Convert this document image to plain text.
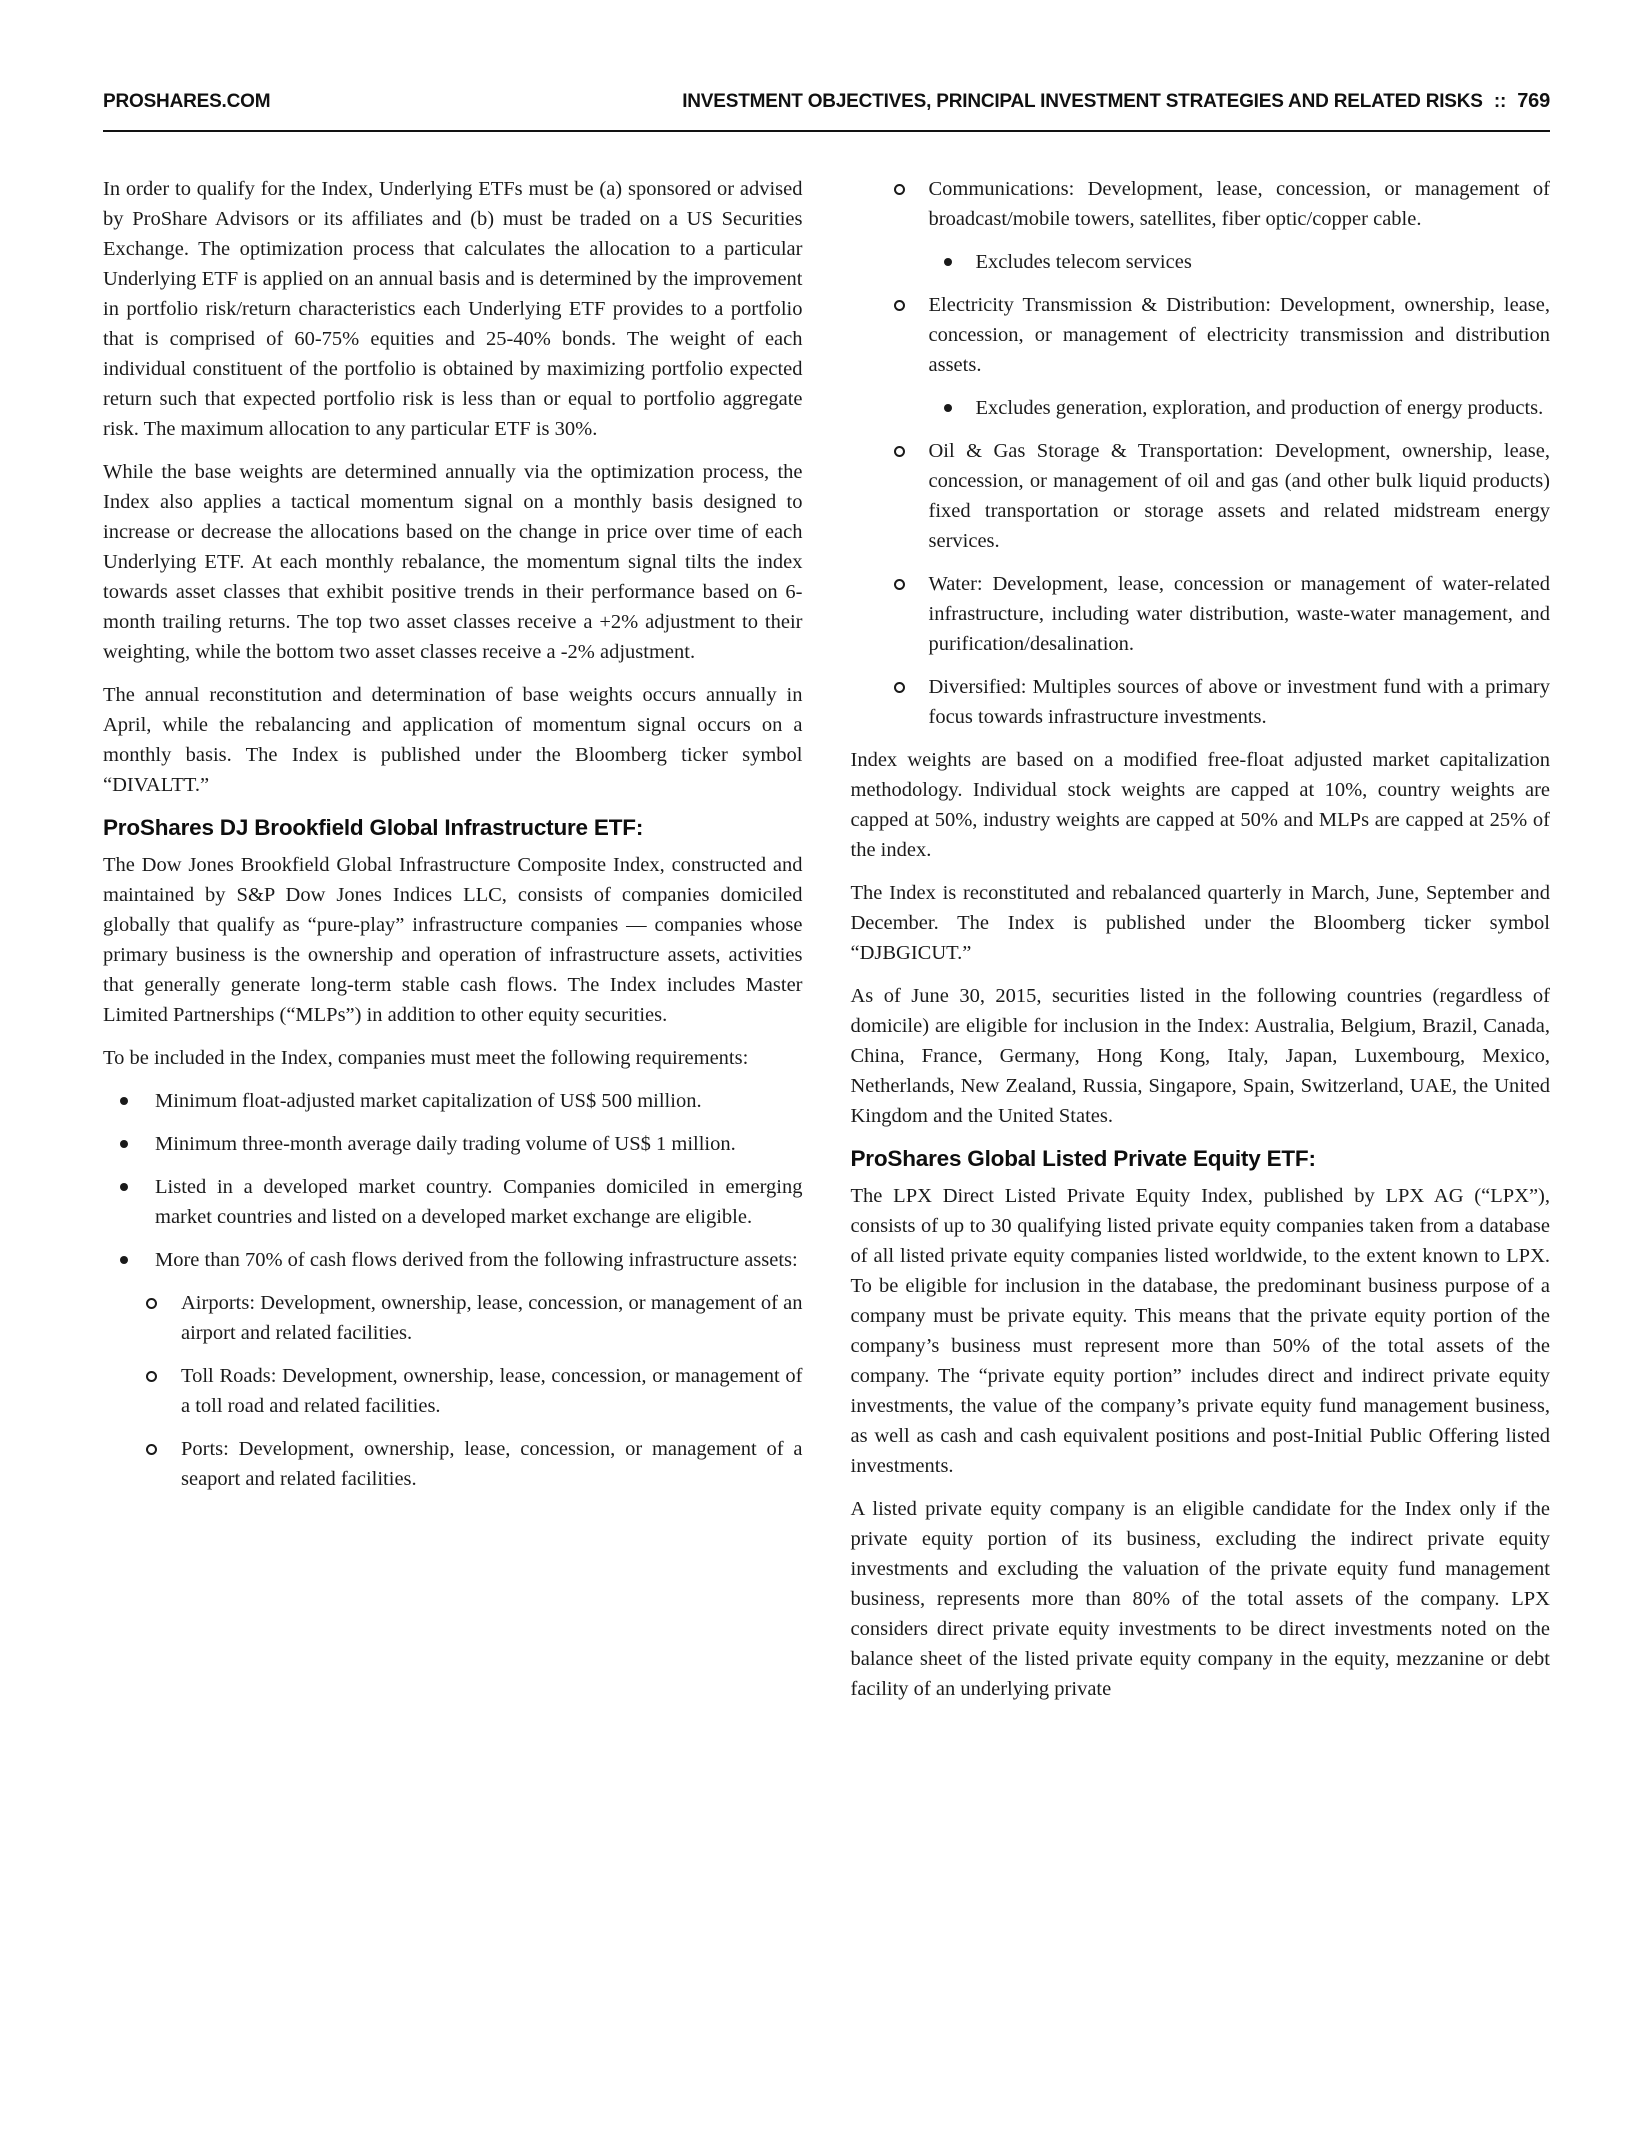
PROSHARES.COM	INVESTMENT OBJECTIVES, PRINCIPAL INVESTMENT STRATEGIES AND RELATED RISKS :: 769

In order to qualify for the Index, Underlying ETFs must be (a) sponsored or advised by ProShare Advisors or its affiliates and (b) must be traded on a US Securities Exchange. The optimization process that calculates the allocation to a particular Underlying ETF is applied on an annual basis and is determined by the improvement in portfolio risk/return characteristics each Underlying ETF provides to a portfolio that is comprised of 60-75% equities and 25-40% bonds. The weight of each individual constituent of the portfolio is obtained by maximizing portfolio expected return such that expected portfolio risk is less than or equal to portfolio aggregate risk. The maximum allocation to any particular ETF is 30%.

While the base weights are determined annually via the optimization process, the Index also applies a tactical momentum signal on a monthly basis designed to increase or decrease the allocations based on the change in price over time of each Underlying ETF. At each monthly rebalance, the momentum signal tilts the index towards asset classes that exhibit positive trends in their performance based on 6-month trailing returns. The top two asset classes receive a +2% adjustment to their weighting, while the bottom two asset classes receive a -2% adjustment.

The annual reconstitution and determination of base weights occurs annually in April, while the rebalancing and application of momentum signal occurs on a monthly basis. The Index is published under the Bloomberg ticker symbol “DIVALTT.”

ProShares DJ Brookfield Global Infrastructure ETF:

The Dow Jones Brookfield Global Infrastructure Composite Index, constructed and maintained by S&P Dow Jones Indices LLC, consists of companies domiciled globally that qualify as “pure-play” infrastructure companies — companies whose primary business is the ownership and operation of infrastructure assets, activities that generally generate long-term stable cash flows. The Index includes Master Limited Partnerships (“MLPs”) in addition to other equity securities.

To be included in the Index, companies must meet the following requirements:

Minimum float-adjusted market capitalization of US$ 500 million.
Minimum three-month average daily trading volume of US$ 1 million.
Listed in a developed market country. Companies domiciled in emerging market countries and listed on a developed market exchange are eligible.
More than 70% of cash flows derived from the following infrastructure assets:
Airports: Development, ownership, lease, concession, or management of an airport and related facilities.
Toll Roads: Development, ownership, lease, concession, or management of a toll road and related facilities.
Ports: Development, ownership, lease, concession, or management of a seaport and related facilities.
Communications: Development, lease, concession, or management of broadcast/mobile towers, satellites, fiber optic/copper cable.
Excludes telecom services
Electricity Transmission & Distribution: Development, ownership, lease, concession, or management of electricity transmission and distribution assets.
Excludes generation, exploration, and production of energy products.
Oil & Gas Storage & Transportation: Development, ownership, lease, concession, or management of oil and gas (and other bulk liquid products) fixed transportation or storage assets and related midstream energy services.
Water: Development, lease, concession or management of water-related infrastructure, including water distribution, waste-water management, and purification/desalination.
Diversified: Multiples sources of above or investment fund with a primary focus towards infrastructure investments.

Index weights are based on a modified free-float adjusted market capitalization methodology. Individual stock weights are capped at 10%, country weights are capped at 50%, industry weights are capped at 50% and MLPs are capped at 25% of the index.

The Index is reconstituted and rebalanced quarterly in March, June, September and December. The Index is published under the Bloomberg ticker symbol “DJBGICUT.”

As of June 30, 2015, securities listed in the following countries (regardless of domicile) are eligible for inclusion in the Index: Australia, Belgium, Brazil, Canada, China, France, Germany, Hong Kong, Italy, Japan, Luxembourg, Mexico, Netherlands, New Zealand, Russia, Singapore, Spain, Switzerland, UAE, the United Kingdom and the United States.

ProShares Global Listed Private Equity ETF:

The LPX Direct Listed Private Equity Index, published by LPX AG (“LPX”), consists of up to 30 qualifying listed private equity companies taken from a database of all listed private equity companies listed worldwide, to the extent known to LPX. To be eligible for inclusion in the database, the predominant business purpose of a company must be private equity. This means that the private equity portion of the company’s business must represent more than 50% of the total assets of the company. The “private equity portion” includes direct and indirect private equity investments, the value of the company’s private equity fund management business, as well as cash and cash equivalent positions and post-Initial Public Offering listed investments.

A listed private equity company is an eligible candidate for the Index only if the private equity portion of its business, excluding the indirect private equity investments and excluding the valuation of the private equity fund management business, represents more than 80% of the total assets of the company. LPX considers direct private equity investments to be direct investments noted on the balance sheet of the listed private equity company in the equity, mezzanine or debt facility of an underlying private
